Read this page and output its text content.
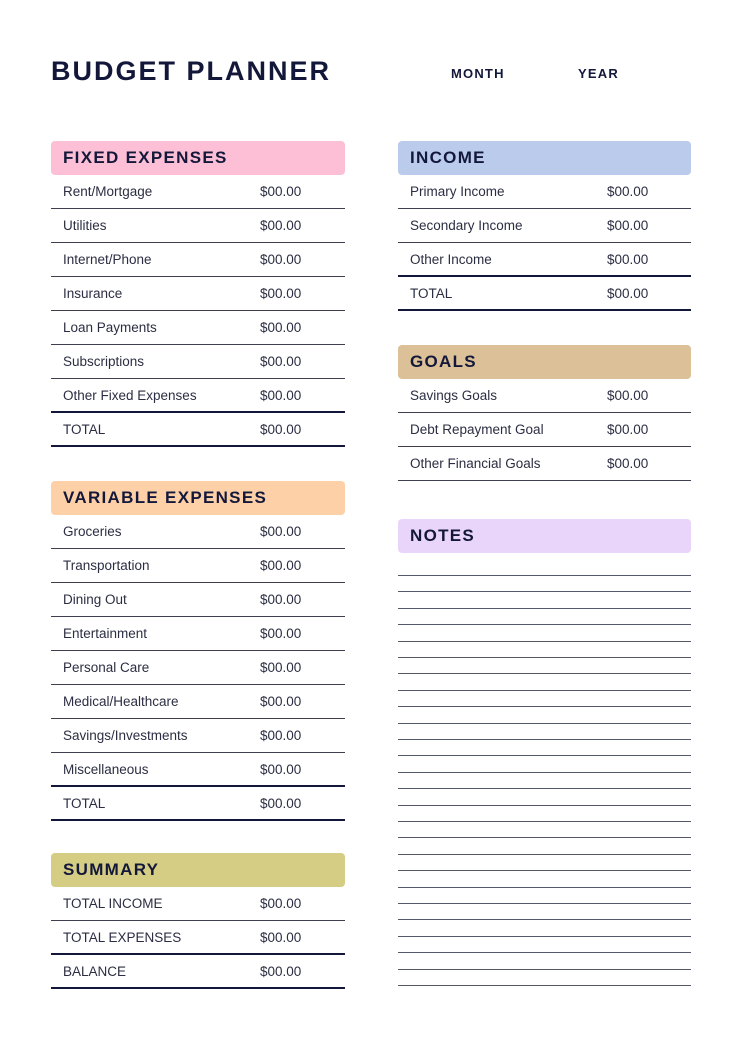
BUDGET PLANNER	MONTH	YEAR
FIXED EXPENSES
Rent/Mortgage	$00.00
Utilities	$00.00
Internet/Phone	$00.00
Insurance	$00.00
Loan Payments	$00.00
Subscriptions	$00.00
Other Fixed Expenses	$00.00
TOTAL	$00.00
VARIABLE EXPENSES
Groceries	$00.00
Transportation	$00.00
Dining Out	$00.00
Entertainment	$00.00
Personal Care	$00.00
Medical/Healthcare	$00.00
Savings/Investments	$00.00
Miscellaneous	$00.00
TOTAL	$00.00
SUMMARY
TOTAL INCOME	$00.00
TOTAL EXPENSES	$00.00
BALANCE	$00.00
INCOME
Primary Income	$00.00
Secondary Income	$00.00
Other Income	$00.00
TOTAL	$00.00
GOALS
Savings Goals	$00.00
Debt Repayment Goal	$00.00
Other Financial Goals	$00.00
NOTES
